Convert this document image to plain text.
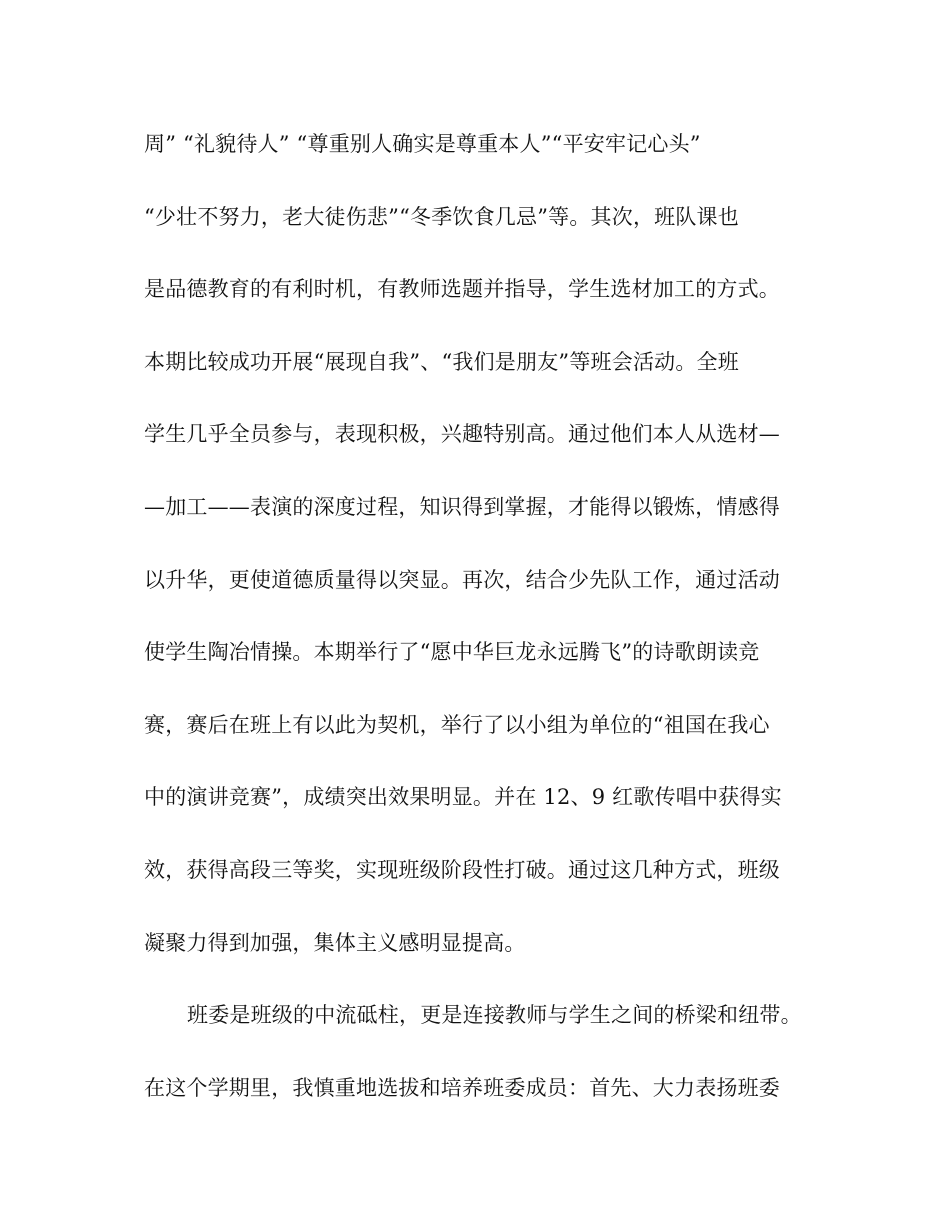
周” “礼貌待人” “尊重别人确实是尊重本人”“平安牢记心头”
“少壮不努力，老大徒伤悲”“冬季饮食几忌”等。其次，班队课也
是品德教育的有利时机，有教师选题并指导，学生选材加工的方式。
本期比较成功开展“展现自我”、“我们是朋友”等班会活动。全班
学生几乎全员参与，表现积极，兴趣特别高。通过他们本人从选材—
—加工——表演的深度过程，知识得到掌握，才能得以锻炼，情感得
以升华，更使道德质量得以突显。再次，结合少先队工作，通过活动
使学生陶冶情操。本期举行了“愿中华巨龙永远腾飞”的诗歌朗读竞
赛，赛后在班上有以此为契机，举行了以小组为单位的“祖国在我心
中的演讲竞赛”，成绩突出效果明显。并在 12、9 红歌传唱中获得实
效，获得高段三等奖，实现班级阶段性打破。通过这几种方式，班级
凝聚力得到加强，集体主义感明显提高。
班委是班级的中流砥柱，更是连接教师与学生之间的桥梁和纽带。
在这个学期里，我慎重地选拔和培养班委成员：首先、大力表扬班委
